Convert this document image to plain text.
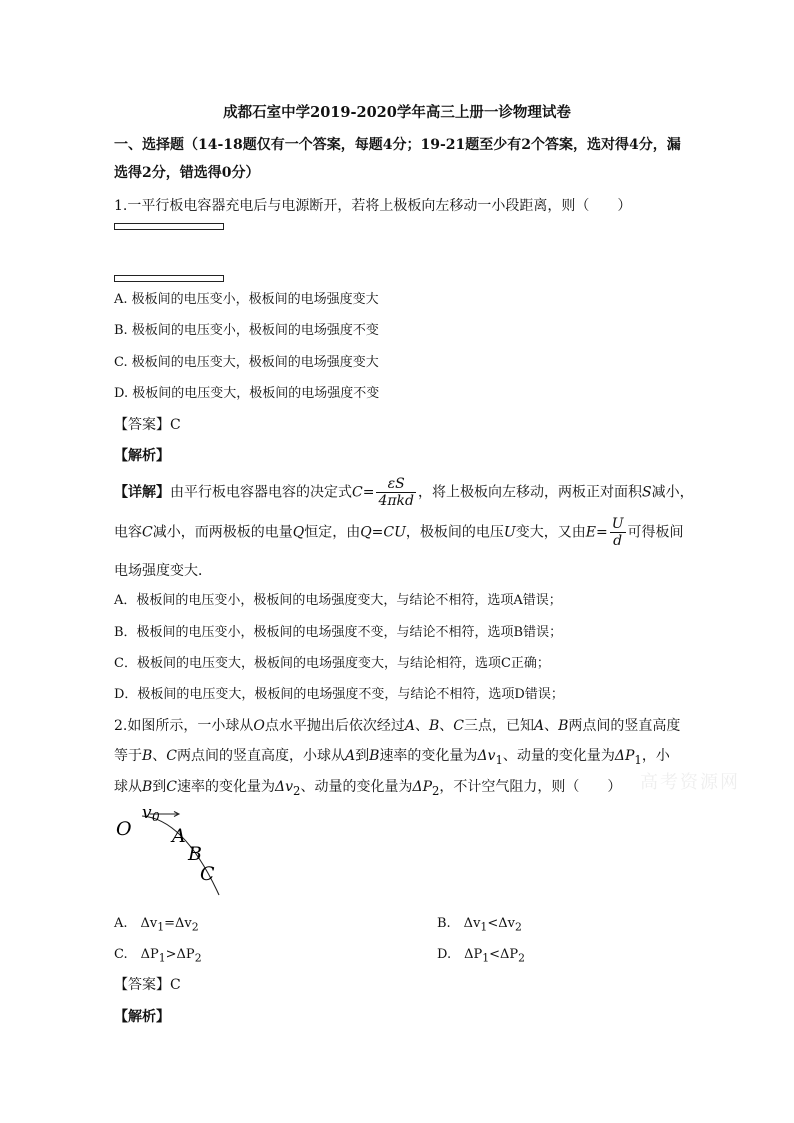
成都石室中学2019-2020学年高三上册一诊物理试卷
一、选择题（14-18题仅有一个答案，每题4分；19-21题至少有2个答案，选对得4分，漏
选得2分，错选得0分）
1.一平行板电容器充电后与电源断开，若将上极板向左移动一小段距离，则（　　）
A. 极板间的电压变小，极板间的电场强度变大
B. 极板间的电压变小，极板间的电场强度不变
C. 极板间的电压变大，极板间的电场强度变大
D. 极板间的电压变大，极板间的电场强度不变
【答案】C
【解析】
【详解】由平行板电容器电容的决定式$C= \frac{\varepsilon S}{\text{4πkd}}$ ，将上极板向左移动，两板正对面积S减小，
电容C减小，而两极板的电量Q恒定，由Q=CU，极板间的电压U变大，又由$E= \frac{U}{d}$ 可得板间
电场强度变大．
A．极板间的电压变小，极板间的电场强度变大，与结论不相符，选项A错误；
B．极板间的电压变小，极板间的电场强度不变，与结论不相符，选项B错误；
C．极板间的电压变大，极板间的电场强度变大，与结论相符，选项C正确；
D．极板间的电压变大，极板间的电场强度不变，与结论不相符，选项D错误；
2.如图所示，一小球从O点水平抛出后依次经过A、B、C三点，已知A、B两点间的竖直高度
等于B、C两点间的竖直高度，小球从A到B速率的变化量为$\Delta v_1$、动量的变化量为$\Delta P_1$，小
球从B到C速率的变化量为$\Delta v_2$、动量的变化量为$\Delta P_2$，不计空气阻力，则（　　）	高考资源网
O
v 0
A
B
C
A.　$\Delta v_1=\Delta v_2$	B.　$\Delta v_1<\Delta v_2$
C.　$\Delta P_1>\Delta P_2$	D.　$\Delta P_1<\Delta P_2$
【答案】C
【解析】
